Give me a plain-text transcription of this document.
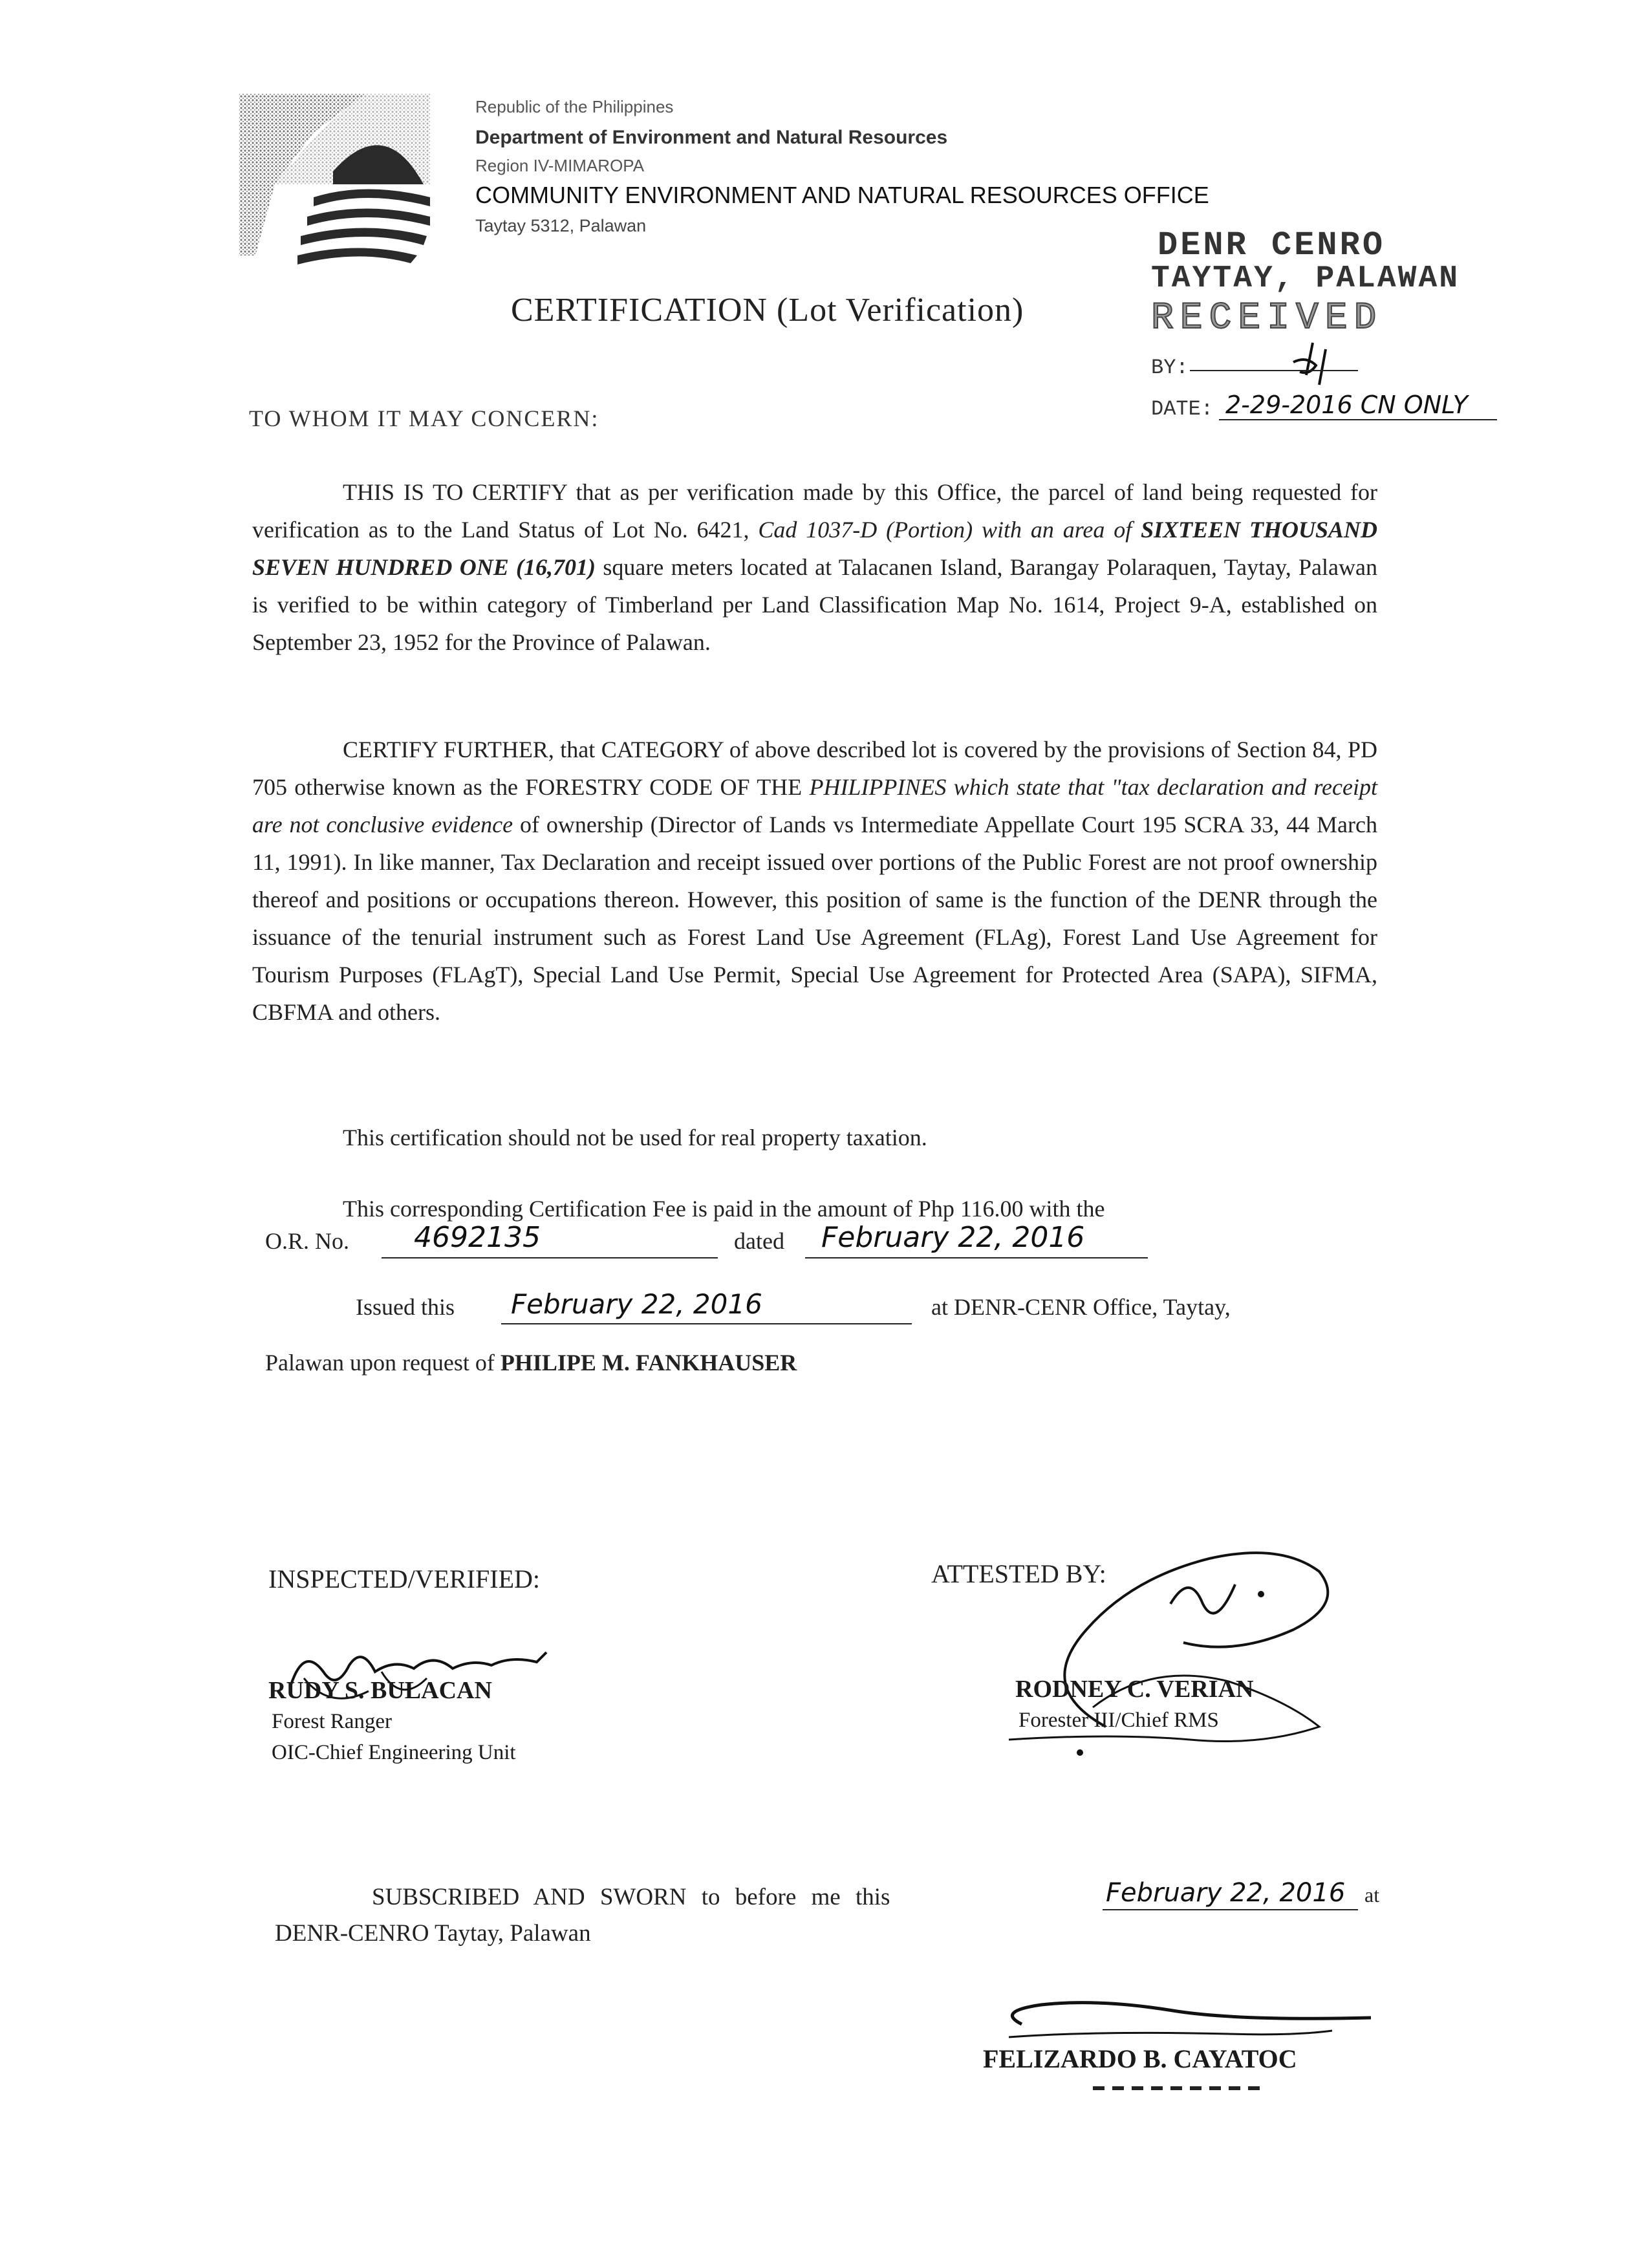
Republic of the Philippines
Department of Environment and Natural Resources
Region IV-MIMAROPA
COMMUNITY ENVIRONMENT AND NATURAL RESOURCES OFFICE
Taytay 5312, Palawan
DENR CENRO
TAYTAY, PALAWAN
RECEIVED
BY:
DATE: 2-29-2016 CN ONLY
CERTIFICATION (Lot Verification)
TO WHOM IT MAY CONCERN:

THIS IS TO CERTIFY that as per verification made by this Office, the parcel of land being requested for verification as to the Land Status of Lot No. 6421, Cad 1037-D (Portion) with an area of SIXTEEN THOUSAND SEVEN HUNDRED ONE (16,701) square meters located at Talacanen Island, Barangay Polaraquen, Taytay, Palawan is verified to be within category of Timberland per Land Classification Map No. 1614, Project 9-A, established on September 23, 1952 for the Province of Palawan.

CERTIFY FURTHER, that CATEGORY of above described lot is covered by the provisions of Section 84, PD 705 otherwise known as the FORESTRY CODE OF THE PHILIPPINES which state that "tax declaration and receipt are not conclusive evidence of ownership (Director of Lands vs Intermediate Appellate Court 195 SCRA 33, 44 March 11, 1991). In like manner, Tax Declaration and receipt issued over portions of the Public Forest are not proof ownership thereof and positions or occupations thereon. However, this position of same is the function of the DENR through the issuance of the tenurial instrument such as Forest Land Use Agreement (FLAg), Forest Land Use Agreement for Tourism Purposes (FLAgT), Special Land Use Permit, Special Use Agreement for Protected Area (SAPA), SIFMA, CBFMA and others.

This certification should not be used for real property taxation.

This corresponding Certification Fee is paid in the amount of Php 116.00 with the

O.R. No. 4692135	dated February 22, 2016
Issued this February 22, 2016	at DENR-CENR Office, Taytay,
Palawan upon request of PHILIPE M. FANKHAUSER
INSPECTED/VERIFIED:
RUDY S. BULACAN
Forest Ranger
OIC-Chief Engineering Unit
ATTESTED BY:
RODNEY C. VERIAN
Forester III/Chief RMS
SUBSCRIBED AND SWORN to before me this	February 22, 2016 at
DENR-CENRO Taytay, Palawan
FELIZARDO B. CAYATOC
